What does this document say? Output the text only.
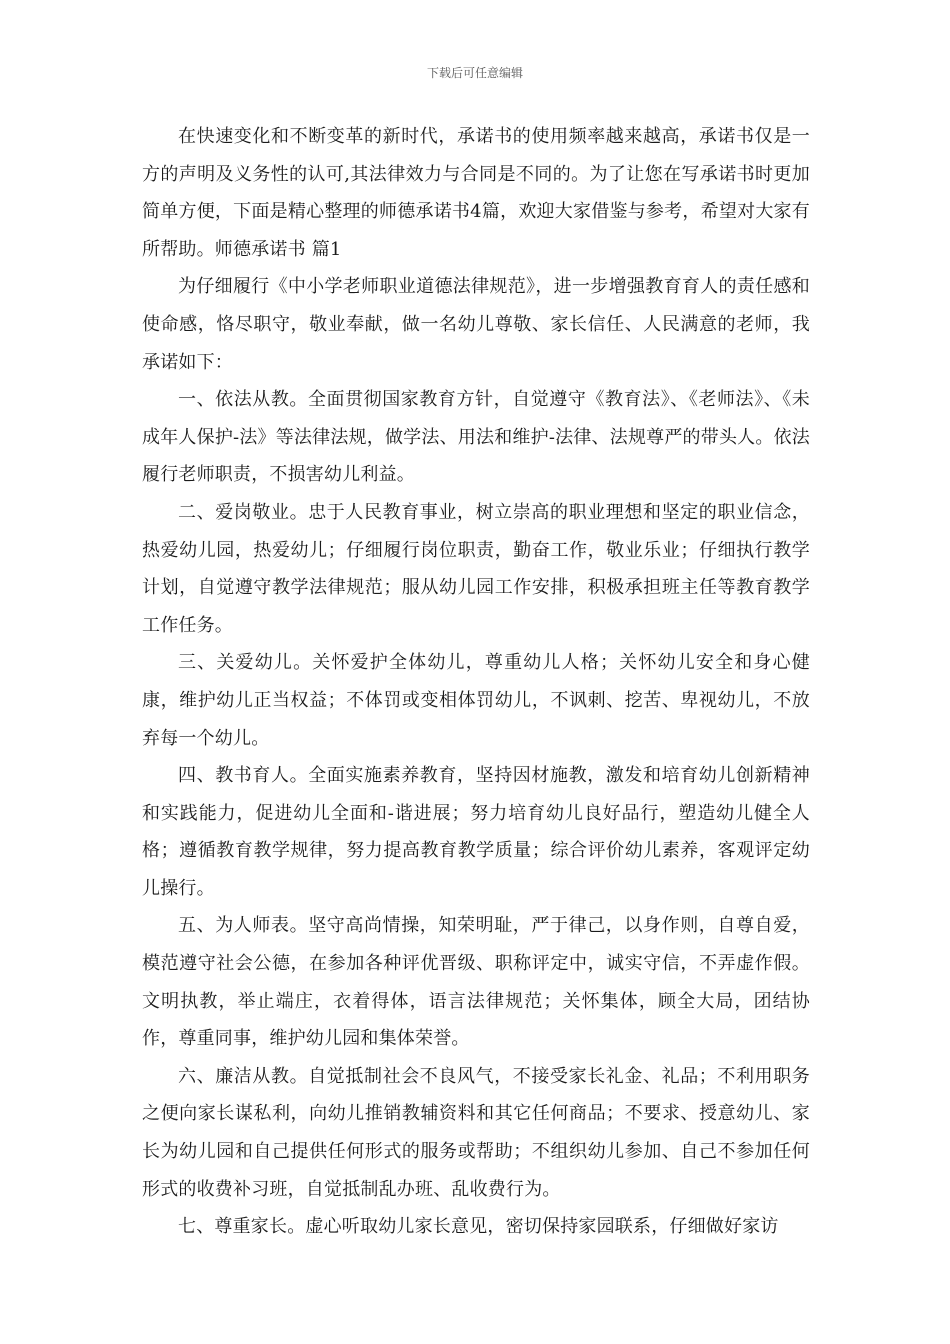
下载后可任意编辑

在快速变化和不断变革的新时代，承诺书的使用频率越来越高，承诺书仅是一方的声明及义务性的认可,其法律效力与合同是不同的。为了让您在写承诺书时更加简单方便，下面是精心整理的师德承诺书4篇，欢迎大家借鉴与参考，希望对大家有所帮助。师德承诺书 篇1

为仔细履行《中小学老师职业道德法律规范》，进一步增强教育育人的责任感和使命感，恪尽职守，敬业奉献，做一名幼儿尊敬、家长信任、人民满意的老师，我承诺如下：

一、依法从教。全面贯彻国家教育方针，自觉遵守《教育法》、《老师法》、《未成年人保护-法》等法律法规，做学法、用法和维护-法律、法规尊严的带头人。依法履行老师职责，不损害幼儿利益。

二、爱岗敬业。忠于人民教育事业，树立崇高的职业理想和坚定的职业信念，热爱幼儿园，热爱幼儿；仔细履行岗位职责，勤奋工作，敬业乐业；仔细执行教学计划，自觉遵守教学法律规范；服从幼儿园工作安排，积极承担班主任等教育教学工作任务。

三、关爱幼儿。关怀爱护全体幼儿，尊重幼儿人格；关怀幼儿安全和身心健康，维护幼儿正当权益；不体罚或变相体罚幼儿，不讽刺、挖苦、卑视幼儿，不放弃每一个幼儿。

四、教书育人。全面实施素养教育，坚持因材施教，激发和培育幼儿创新精神和实践能力，促进幼儿全面和-谐进展；努力培育幼儿良好品行，塑造幼儿健全人格；遵循教育教学规律，努力提高教育教学质量；综合评价幼儿素养，客观评定幼儿操行。

五、为人师表。坚守高尚情操，知荣明耻，严于律己，以身作则，自尊自爱，模范遵守社会公德，在参加各种评优晋级、职称评定中，诚实守信，不弄虚作假。文明执教，举止端庄，衣着得体，语言法律规范；关怀集体，顾全大局，团结协作，尊重同事，维护幼儿园和集体荣誉。

六、廉洁从教。自觉抵制社会不良风气，不接受家长礼金、礼品；不利用职务之便向家长谋私利，向幼儿推销教辅资料和其它任何商品；不要求、授意幼儿、家长为幼儿园和自己提供任何形式的服务或帮助；不组织幼儿参加、自己不参加任何形式的收费补习班，自觉抵制乱办班、乱收费行为。

七、尊重家长。虚心听取幼儿家长意见，密切保持家园联系，仔细做好家访
